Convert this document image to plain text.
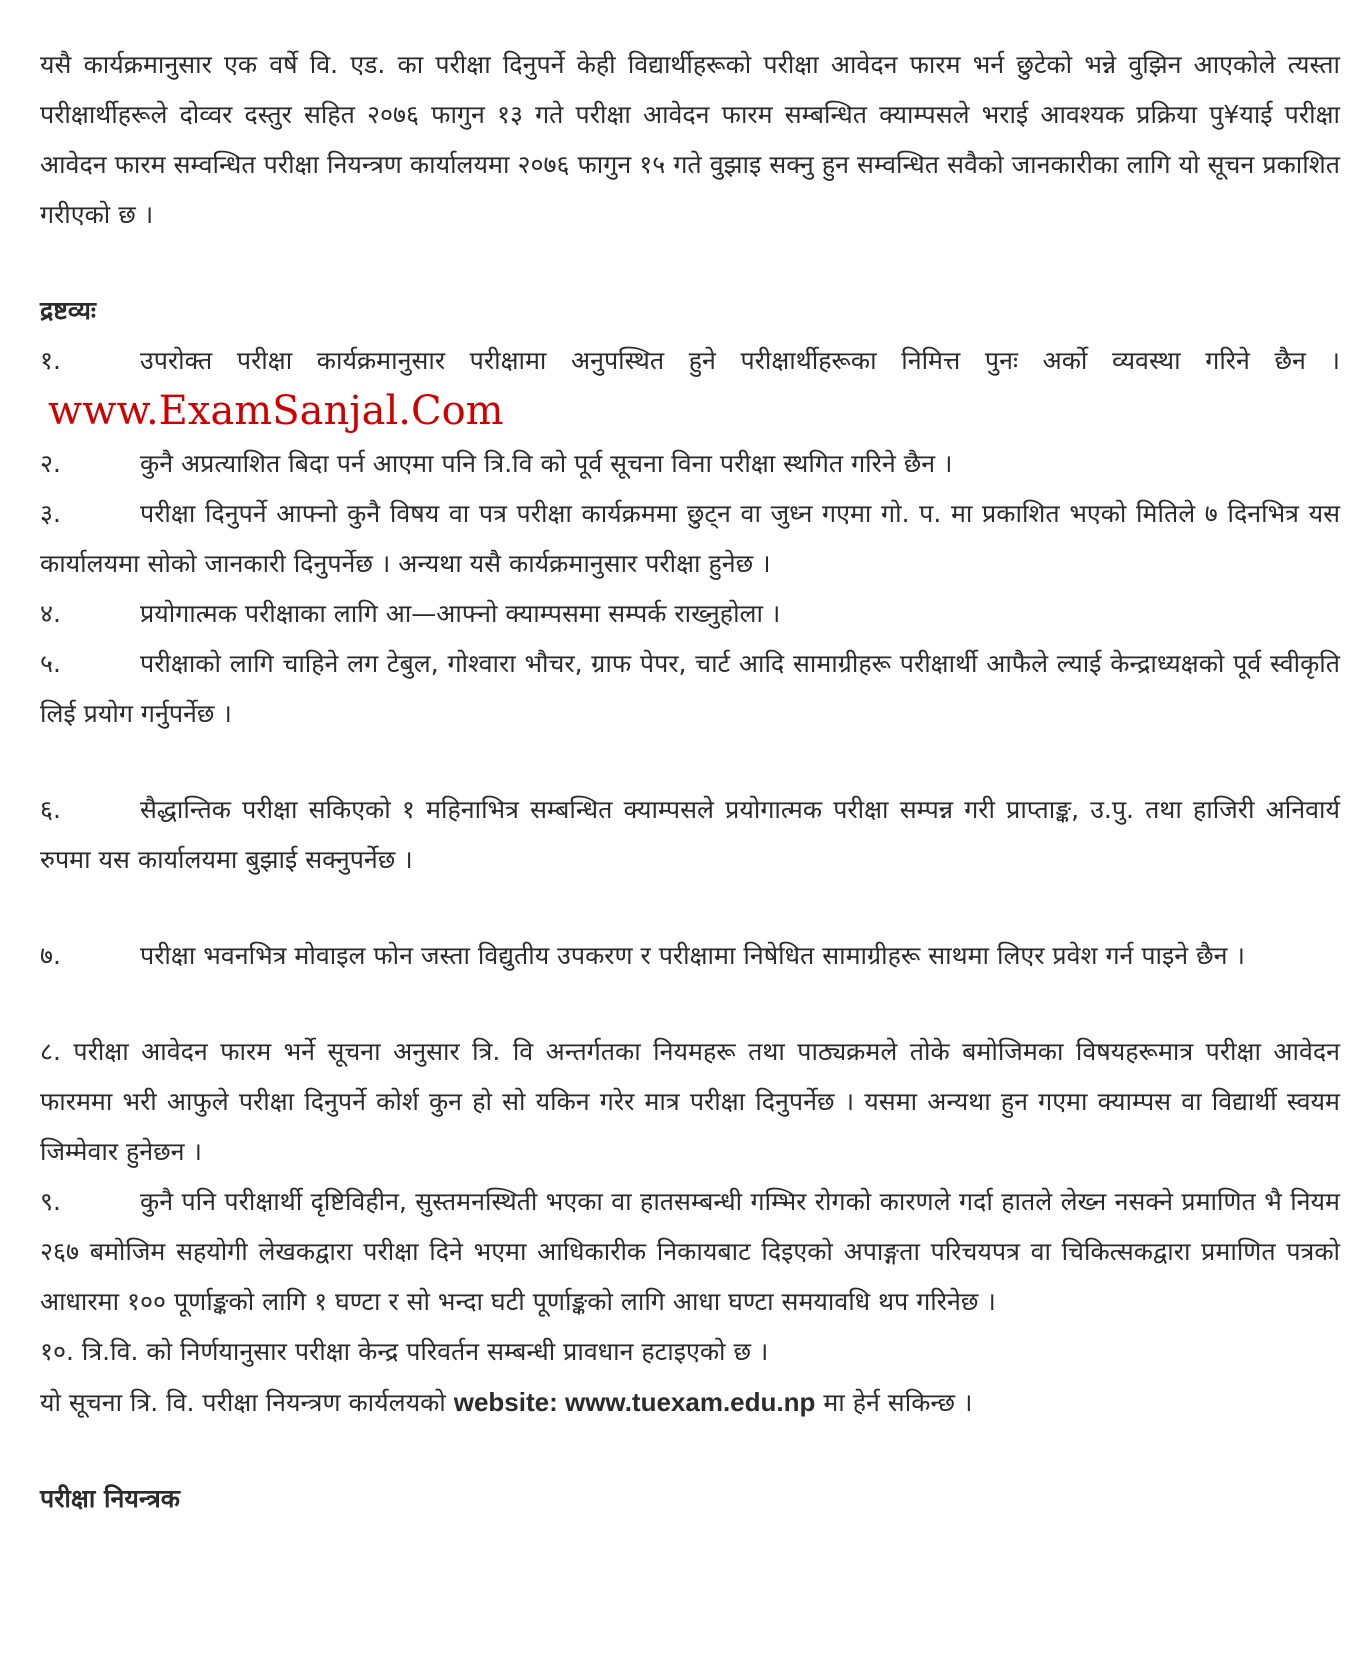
यसै कार्यक्रमानुसार एक वर्षे वि. एड. का परीक्षा दिनुपर्ने केही विद्यार्थीहरूको परीक्षा आवेदन फारम भर्न छुटेको भन्ने वुझिन आएकोले त्यस्ता परीक्षार्थीहरूले दोव्वर दस्तुर सहित २०७६ फागुन १३ गते परीक्षा आवेदन फारम सम्बन्धित क्याम्पसले भराई आवश्यक प्रक्रिया पु¥याई परीक्षा आवेदन फारम सम्वन्धित परीक्षा नियन्त्रण कार्यालयमा २०७६ फागुन १५ गते वुझाइ सक्नु हुन सम्वन्धित सवैको जानकारीका लागि यो सूचन प्रकाशित गरीएको छ ।

द्रष्टव्यः

१.	उपरोक्त परीक्षा कार्यक्रमानुसार परीक्षामा अनुपस्थित हुने परीक्षार्थीहरूका निमित्त पुनः अर्को व्यवस्था गरिने छैन ।www.ExamSanjal.Com

२.	कुनै अप्रत्याशित बिदा पर्न आएमा पनि त्रि.वि को पूर्व सूचना विना परीक्षा स्थगित गरिने छैन ।

३.	परीक्षा दिनुपर्ने आफ्नो कुनै विषय वा पत्र परीक्षा कार्यक्रममा छुट्न वा जुध्न गएमा गो. प. मा प्रकाशित भएको मितिले ७ दिनभित्र यस कार्यालयमा सोको जानकारी दिनुपर्नेछ । अन्यथा यसै कार्यक्रमानुसार परीक्षा हुनेछ ।

४.	प्रयोगात्मक परीक्षाका लागि आ—आफ्नो क्याम्पसमा सम्पर्क राख्नुहोला ।

५.	परीक्षाको लागि चाहिने लग टेबुल, गोश्वारा भौचर, ग्राफ पेपर, चार्ट आदि सामाग्रीहरू परीक्षार्थी आफैले ल्याई केन्द्राध्यक्षको पूर्व स्वीकृति लिई प्रयोग गर्नुपर्नेछ ।

६.	सैद्धान्तिक परीक्षा सकिएको १ महिनाभित्र सम्बन्धित क्याम्पसले प्रयोगात्मक परीक्षा सम्पन्न गरी प्राप्ताङ्क, उ.पु. तथा हाजिरी अनिवार्य रुपमा यस कार्यालयमा बुझाई सक्नुपर्नेछ ।

७.	परीक्षा भवनभित्र मोवाइल फोन जस्ता विद्युतीय उपकरण र परीक्षामा निषेधित सामाग्रीहरू साथमा लिएर प्रवेश गर्न पाइने छैन ।

८. परीक्षा आवेदन फारम भर्ने सूचना अनुसार त्रि. वि अन्तर्गतका नियमहरू तथा पाठ्यक्रमले तोके बमोजिमका विषयहरूमात्र परीक्षा आवेदन फारममा भरी आफुले परीक्षा दिनुपर्ने कोर्श कुन हो सो यकिन गरेर मात्र परीक्षा दिनुपर्नेछ । यसमा अन्यथा हुन गएमा क्याम्पस वा विद्यार्थी स्वयम जिम्मेवार हुनेछन ।

९.	कुनै पनि परीक्षार्थी दृष्टिविहीन, सुस्तमनस्थिती भएका वा हातसम्बन्धी गम्भिर रोगको कारणले गर्दा हातले लेख्न नसक्ने प्रमाणित भै नियम २६७ बमोजिम सहयोगी लेखकद्वारा परीक्षा दिने भएमा आधिकारीक निकायबाट दिइएको अपाङ्गता परिचयपत्र वा चिकित्सकद्वारा प्रमाणित पत्रको आधारमा १०० पूर्णाङ्कको लागि १ घण्टा र सो भन्दा घटी पूर्णाङ्कको लागि आधा घण्टा समयावधि थप गरिनेछ ।

१०. त्रि.वि. को निर्णयानुसार परीक्षा केन्द्र परिवर्तन सम्बन्धी प्रावधान हटाइएको छ ।

यो सूचना त्रि. वि. परीक्षा नियन्त्रण कार्यलयको website: www.tuexam.edu.np मा हेर्न सकिन्छ ।

परीक्षा नियन्त्रक
